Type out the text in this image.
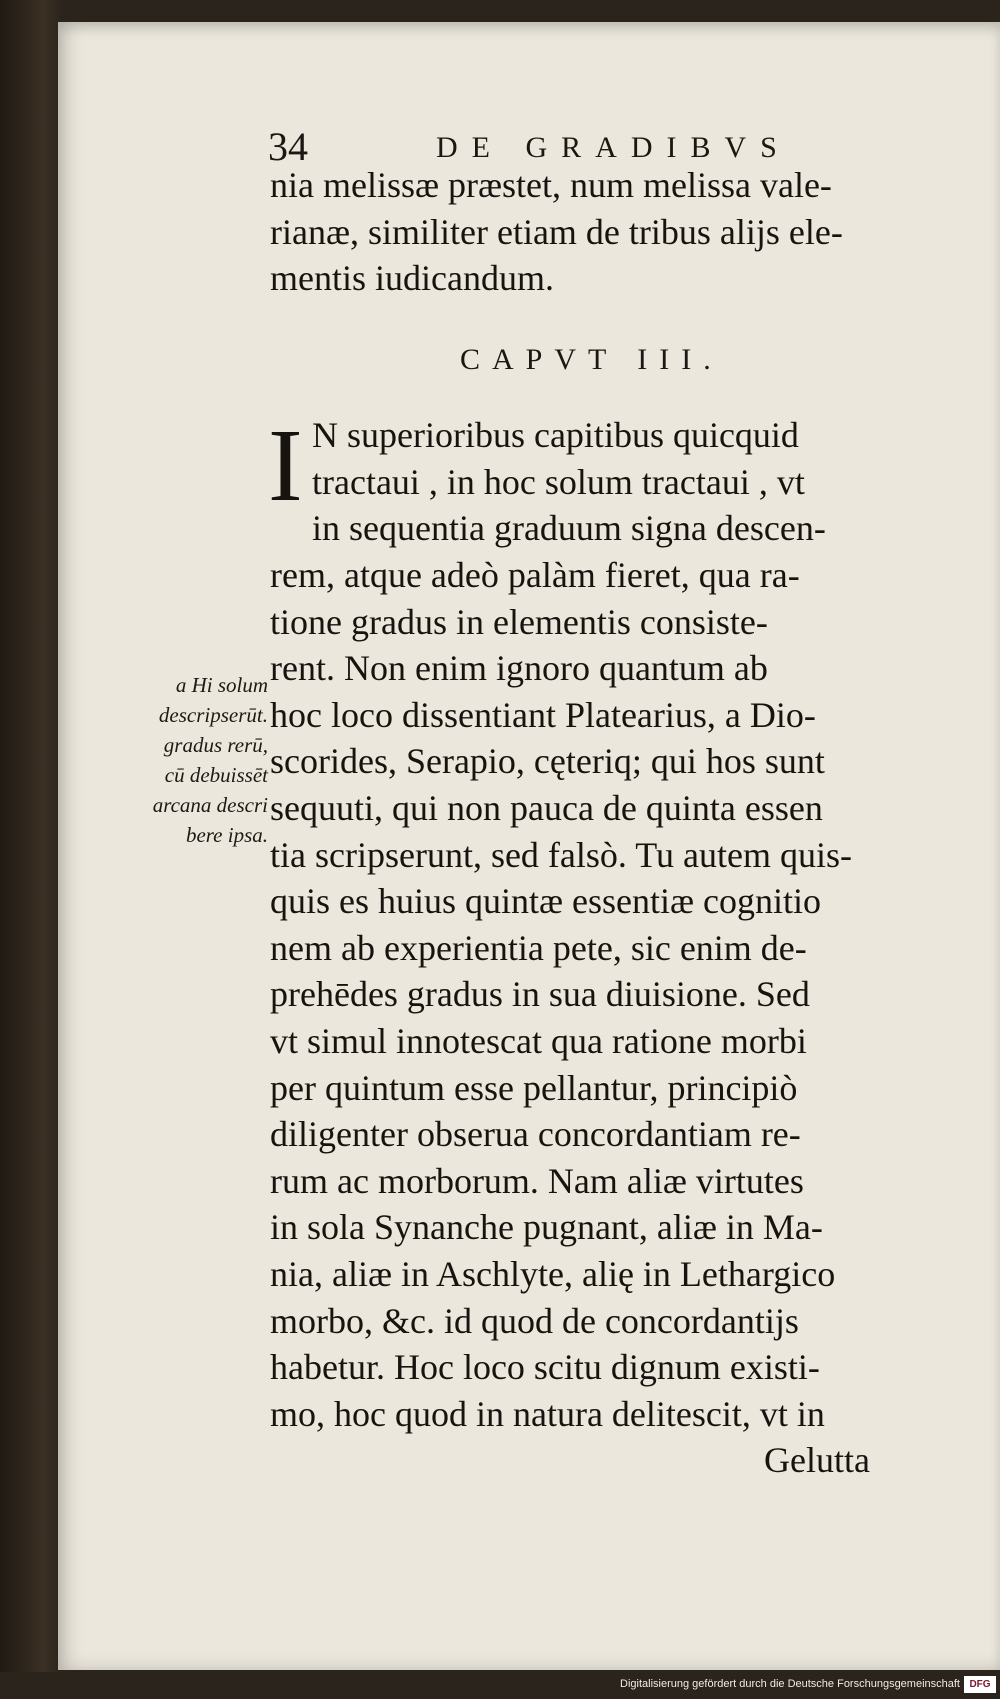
34	DE GRADIBVS
nia melissæ præstet, num melissa vale-
rianæ, similiter etiam de tribus alijs ele-
mentis iudicandum.
CAPVT III.
I N superioribus capitibus quicquid
tractaui , in hoc solum tractaui , vt
in sequentia graduum signa descen-
rem, atque adeò palàm fieret, qua ra-
tione gradus in elementis consiste-
rent. Non enim ignoro quantum ab
hoc loco dissentiant Platearius, a Dio-
scorides, Serapio, cęteriq; qui hos sunt
sequuti, qui non pauca de quinta essen
tia scripserunt, sed falsò. Tu autem quis-
quis es huius quintæ essentiæ cognitio
nem ab experientia pete, sic enim de-
prehēdes gradus in sua diuisione. Sed
vt simul innotescat qua ratione morbi
per quintum esse pellantur, principiò
diligenter obserua concordantiam re-
rum ac morborum. Nam aliæ virtutes
in sola Synanche pugnant, aliæ in Ma-
nia, aliæ in Aschlyte, alię in Lethargico
morbo, &c. id quod de concordantijs
habetur. Hoc loco scitu dignum existi-
mo, hoc quod in natura delitescit, vt in
Gelutta
a Hi solum
descripserūt.
gradus rerū,
cū debuissēt
arcana descri
bere ipsa.
Digitalisierung gefördert durch die Deutsche Forschungsgemeinschaft DFG
